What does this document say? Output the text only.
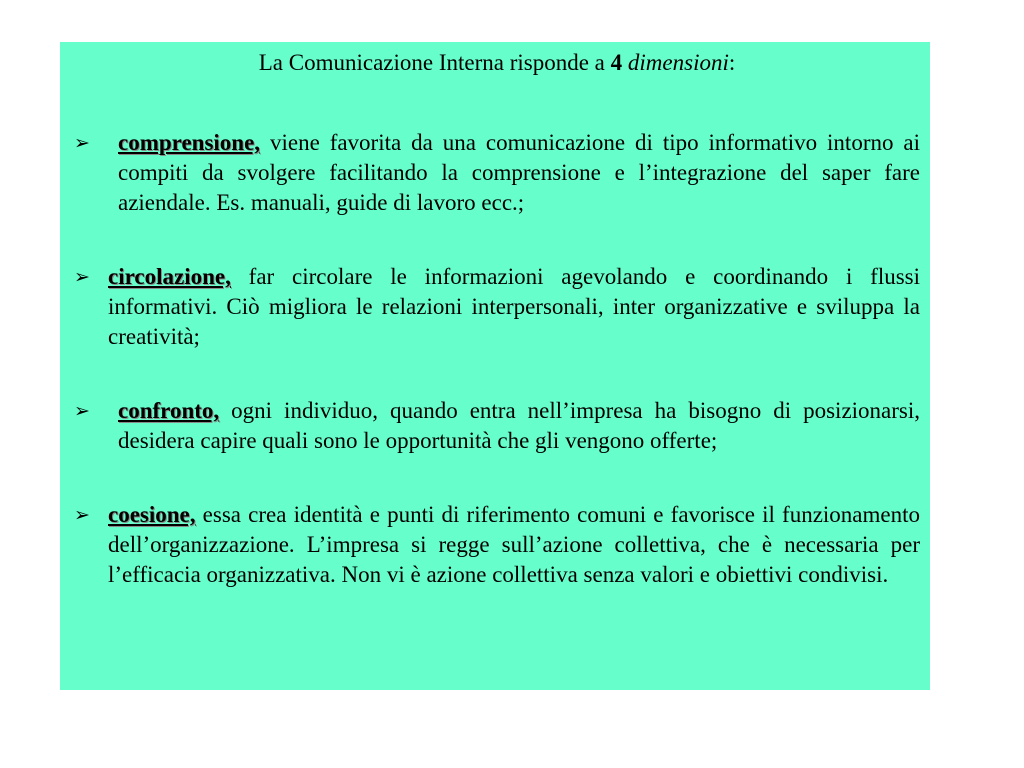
La Comunicazione Interna risponde a 4 dimensioni:
➢	comprensione, viene favorita da una comunicazione di tipo informativo intorno ai compiti da svolgere facilitando la comprensione e l’integrazione del saper fare aziendale. Es. manuali, guide di lavoro ecc.;
➢ circolazione, far circolare le informazioni agevolando e coordinando i flussi informativi. Ciò migliora le relazioni interpersonali, inter organizzative e sviluppa la creatività;
➢	confronto, ogni individuo, quando entra nell’impresa ha bisogno di posizionarsi, desidera capire quali sono le opportunità che gli vengono offerte;
➢ coesione, essa crea identità e punti di riferimento comuni e favorisce il funzionamento dell’organizzazione. L’impresa si regge sull’azione collettiva, che è necessaria per l’efficacia organizzativa. Non vi è azione collettiva senza valori e obiettivi condivisi.
